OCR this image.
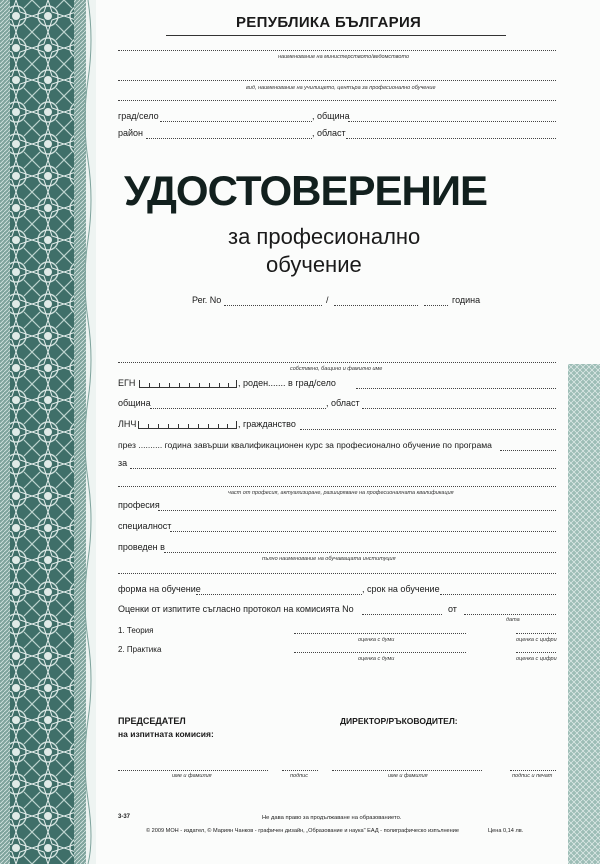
РЕПУБЛИКА БЪЛГАРИЯ
наименование на министерството/ведомството
вид, наименование на училището, центъра за професионално обучение
град/село	, община
район	, област
УДОСТОВЕРЕНИЕ
за професионално
обучение
Рег. No	/	година
собствено, бащино и фамилно име
ЕГН	, роден....... в град/село
община	, област
ЛНЧ	, гражданство
през .......... година завърши квалификационен курс за професионално обучение по програма
за
част от професия, актуализиране, разширяване на професионалната квалификация
професия
специалност
проведен в
пълно наименование на обучаващата институция
форма на обучение	, срок на обучение
Оценки от изпитите съгласно протокол на комисията No	от
дата
1. Теория
оценка с думи	оценка с цифри
2. Практика
оценка с думи	оценка с цифри
ПРЕДСЕДАТЕЛ
на изпитната комисия:
ДИРЕКТОР/РЪКОВОДИТЕЛ:
име и фамилия	подпис	име и фамилия	подпис и печат
3-37	Не дава право за продължаване на образованието.
© 2009 МОН - издател, © Мариян Чанков - графичен дизайн, „Образование и наука" ЕАД - полиграфическо изпълнение	Цена 0,14 лв.
